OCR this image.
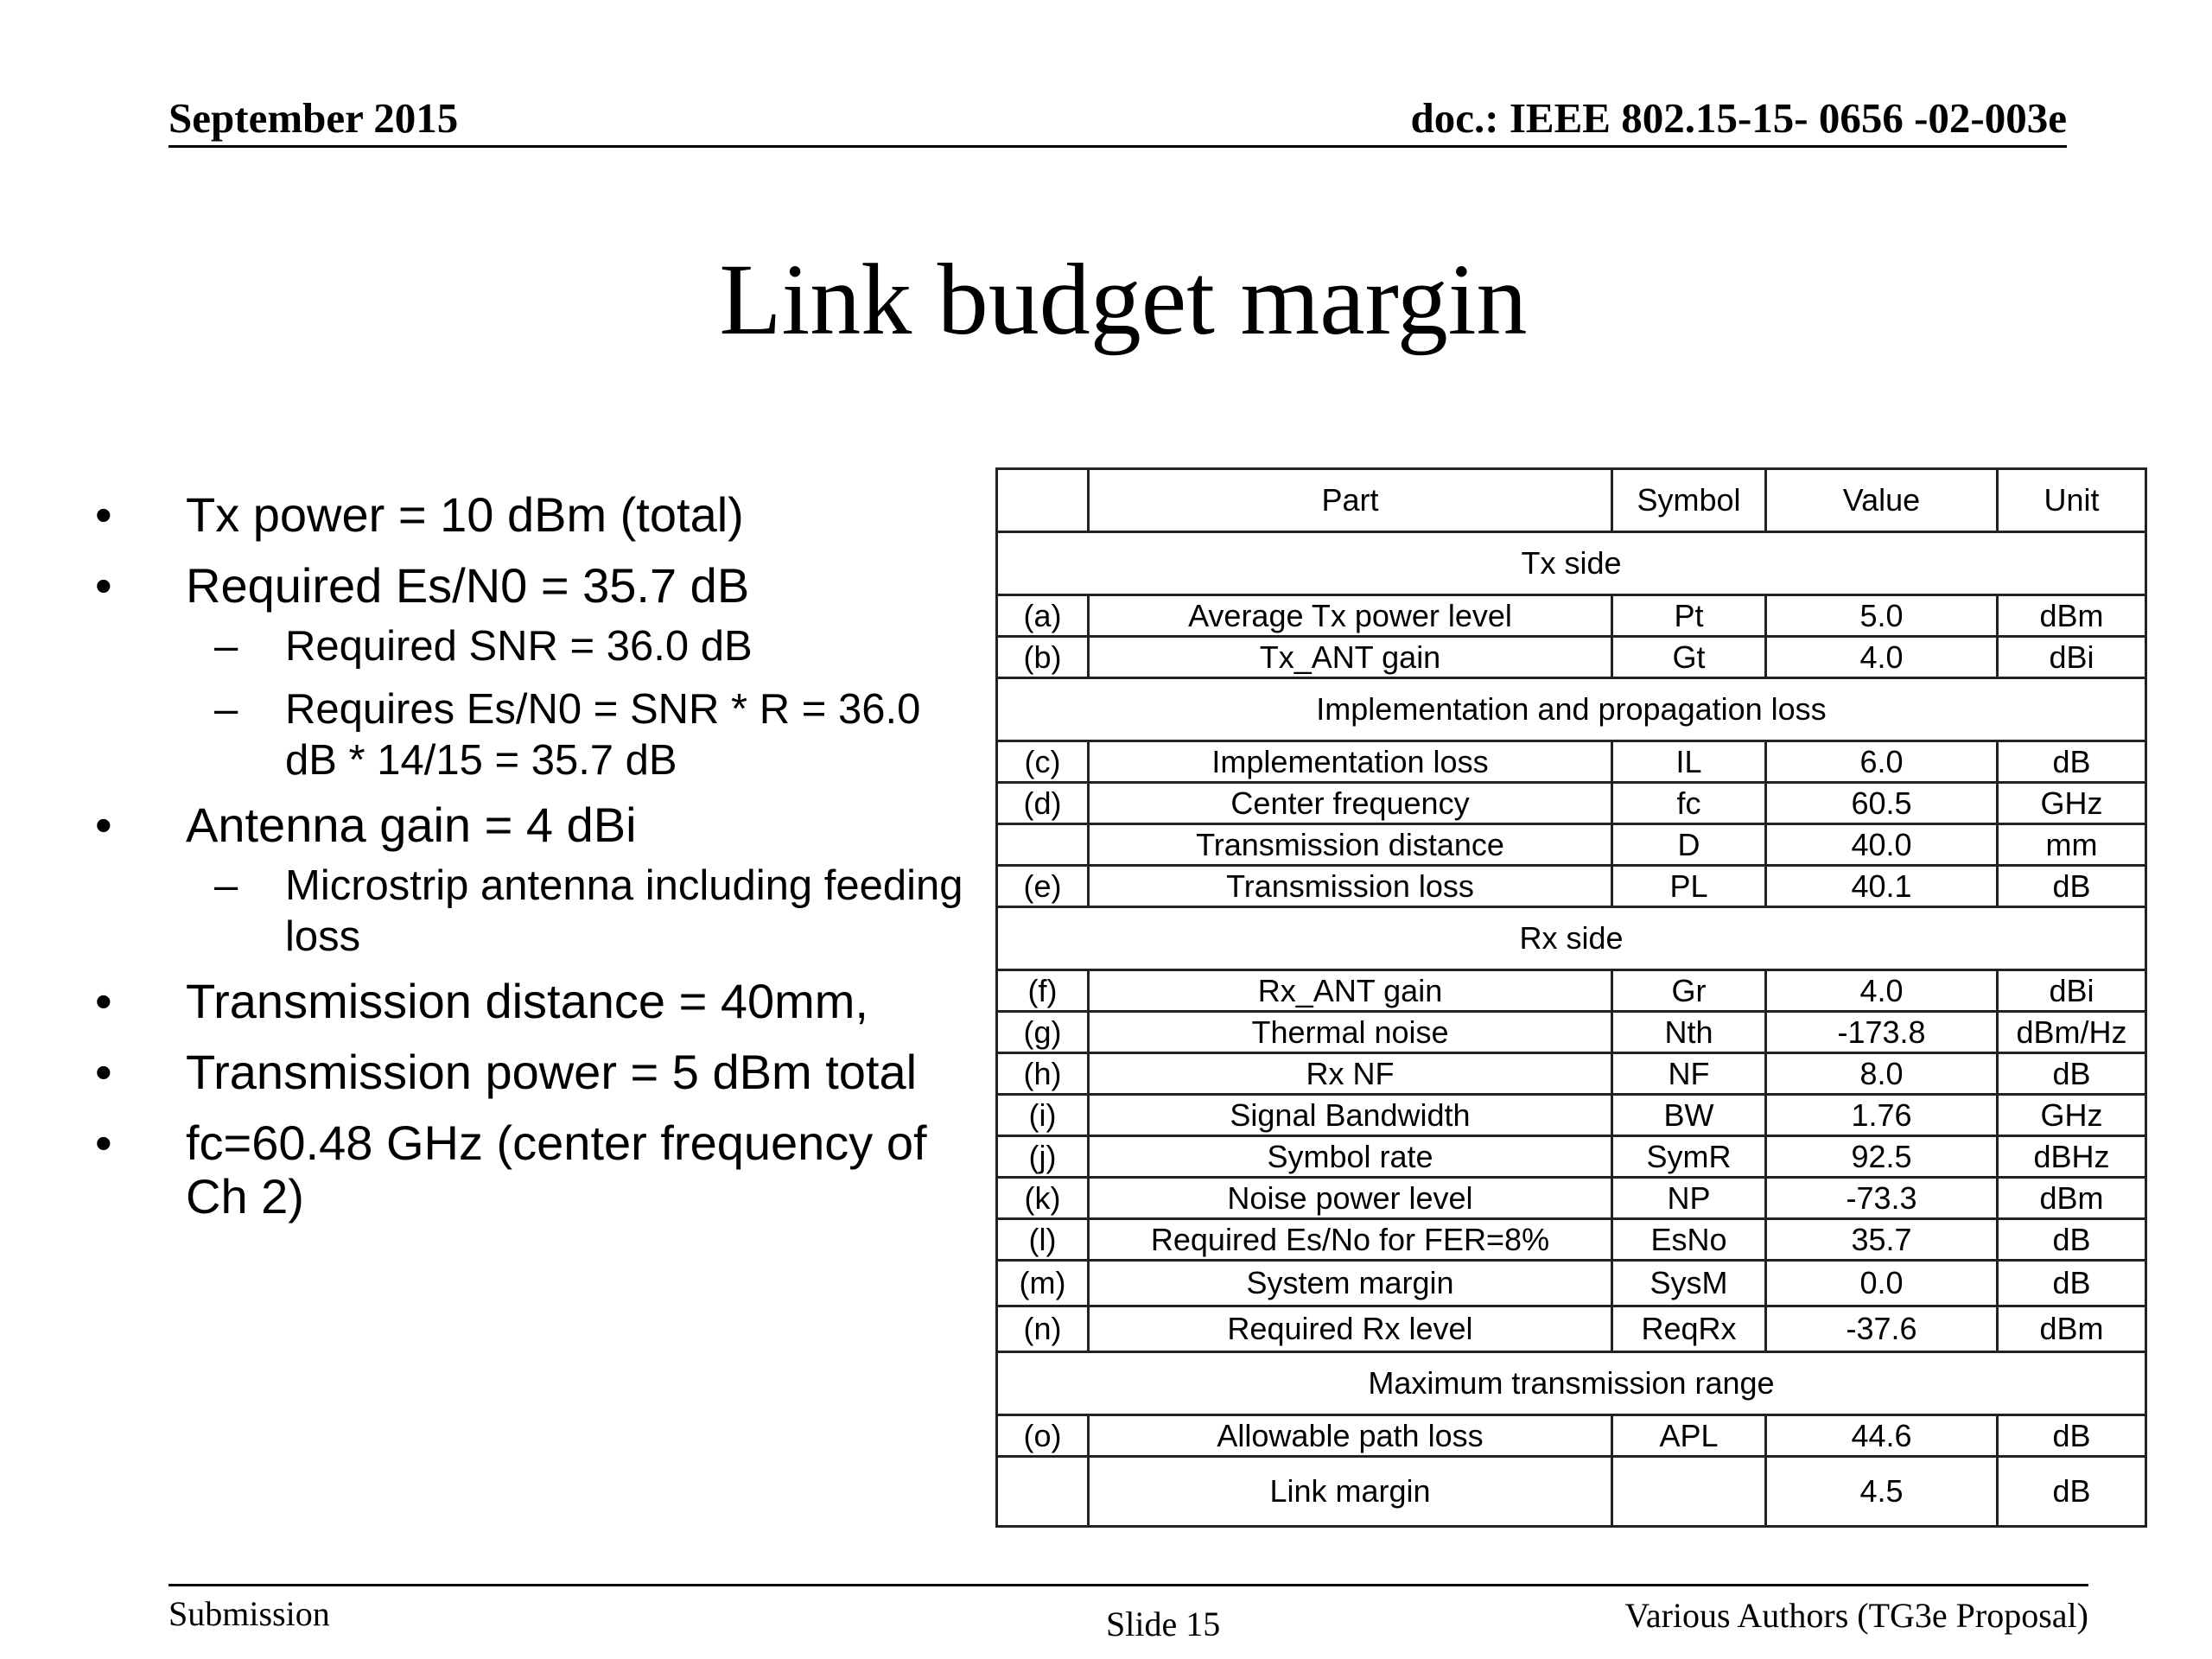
September 2015	doc.: IEEE 802.15-15- 0656 -02-003e
Link budget margin
• Tx power = 10 dBm (total)
• Required Es/N0 = 35.7 dB
– Required SNR = 36.0 dB
– Requires Es/N0 = SNR * R = 36.0 dB * 14/15 = 35.7 dB
• Antenna gain = 4 dBi
– Microstrip antenna including feeding loss
• Transmission distance = 40mm,
• Transmission power = 5 dBm total
• fc=60.48 GHz (center frequency of Ch 2)
	Part	Symbol	Value	Unit
Tx side				
(a)	Average Tx power level	Pt	5.0	dBm
(b)	Tx_ANT gain	Gt	4.0	dBi
Implementation and propagation loss				
(c)	Implementation loss	IL	6.0	dB
(d)	Center frequency	fc	60.5	GHz
	Transmission distance	D	40.0	mm
(e)	Transmission loss	PL	40.1	dB
Rx side				
(f)	Rx_ANT gain	Gr	4.0	dBi
(g)	Thermal noise	Nth	-173.8	dBm/Hz
(h)	Rx NF	NF	8.0	dB
(i)	Signal Bandwidth	BW	1.76	GHz
(j)	Symbol rate	SymR	92.5	dBHz
(k)	Noise power level	NP	-73.3	dBm
(l)	Required Es/No for FER=8%	EsNo	35.7	dB
(m)	System margin	SysM	0.0	dB
(n)	Required Rx level	ReqRx	-37.6	dBm
Maximum transmission range				
(o)	Allowable path loss	APL	44.6	dB
	Link margin		4.5	dB
Submission	Slide 15	Various Authors (TG3e Proposal)
